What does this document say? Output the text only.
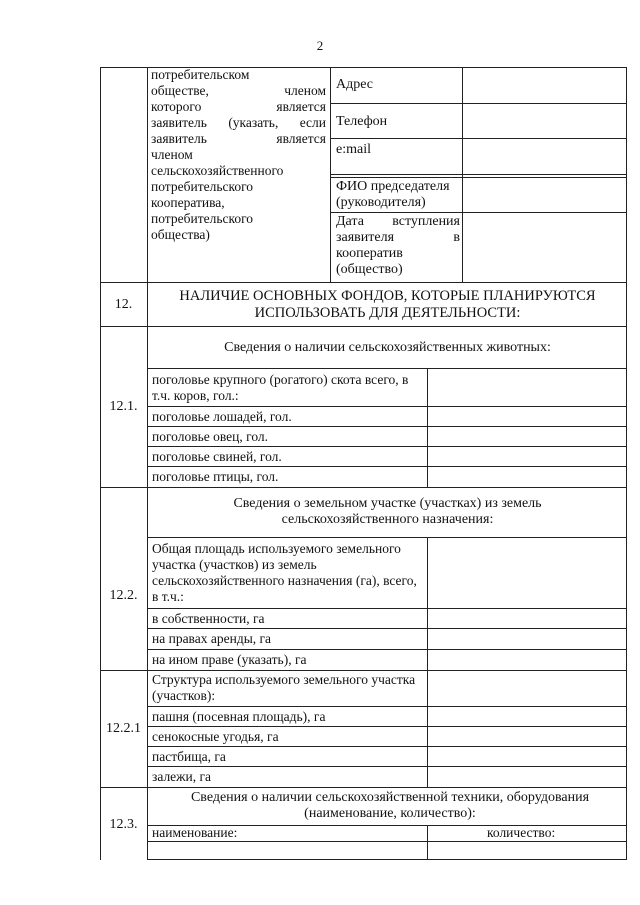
2
потребительском

обществе, членом
которого является
заявитель (указать, если
заявитель является
членом
сельскохозяйственного
потребительского
кооператива,
потребительского
общества)
Адрес
Телефон
e:mail
ФИО председателя (руководителя)
Дата вступления
заявителя в
кооператив
(общество)
12.
НАЛИЧИЕ ОСНОВНЫХ ФОНДОВ, КОТОРЫЕ ПЛАНИРУЮТСЯ ИСПОЛЬЗОВАТЬ ДЛЯ ДЕЯТЕЛЬНОСТИ:
12.1.
Сведения о наличии сельскохозяйственных животных:
поголовье крупного (рогатого) скота всего, в т.ч. коров, гол.:
поголовье лошадей, гол.
поголовье овец, гол.
поголовье свиней, гол.
поголовье птицы, гол.
12.2.
Сведения о земельном участке (участках) из земель сельскохозяйственного назначения:
Общая площадь используемого земельного участка (участков) из земель сельскохозяйственного назначения (га), всего, в т.ч.:
в собственности, га
на правах аренды, га
на ином праве (указать), га
12.2.1
Структура используемого земельного участка (участков):
пашня (посевная площадь), га
сенокосные угодья, га
пастбища, га
залежи, га
12.3.
Сведения о наличии сельскохозяйственной техники, оборудования (наименование, количество):
наименование:	количество:
